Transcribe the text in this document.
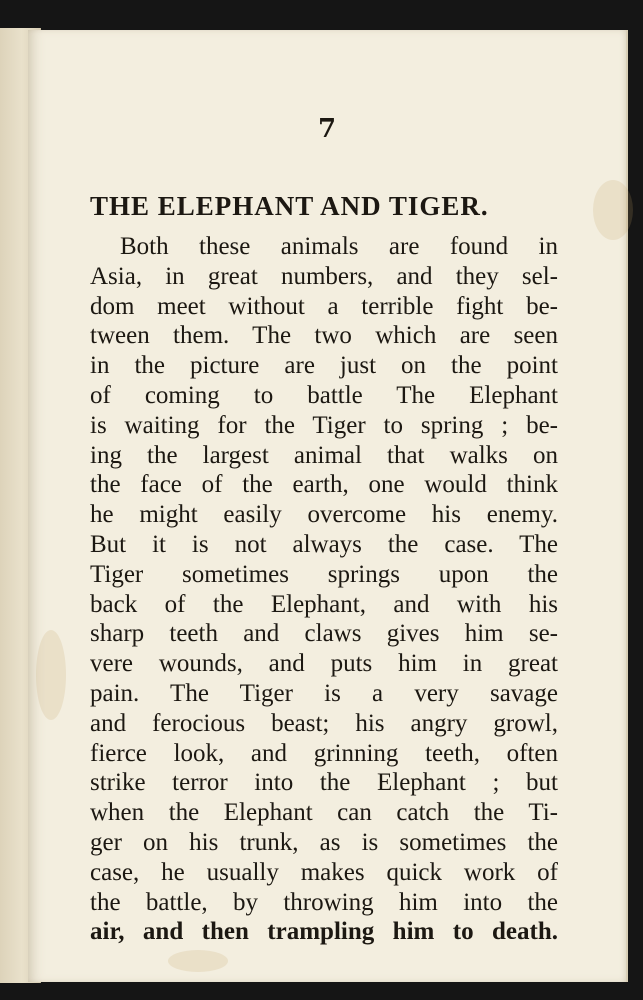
7
THE ELEPHANT AND TIGER.
Both these animals are found in
Asia, in great numbers, and they sel-
dom meet without a terrible fight be-
tween them. The two which are seen
in the picture are just on the point
of coming to battle The Elephant
is waiting for the Tiger to spring ; be-
ing the largest animal that walks on
the face of the earth, one would think
he might easily overcome his enemy.
But it is not always the case. The
Tiger sometimes springs upon the
back of the Elephant, and with his
sharp teeth and claws gives him se-
vere wounds, and puts him in great
pain. The Tiger is a very savage
and ferocious beast; his angry growl,
fierce look, and grinning teeth, often
strike terror into the Elephant ; but
when the Elephant can catch the Ti-
ger on his trunk, as is sometimes the
case, he usually makes quick work of
the battle, by throwing him into the
air, and then trampling him to death.
